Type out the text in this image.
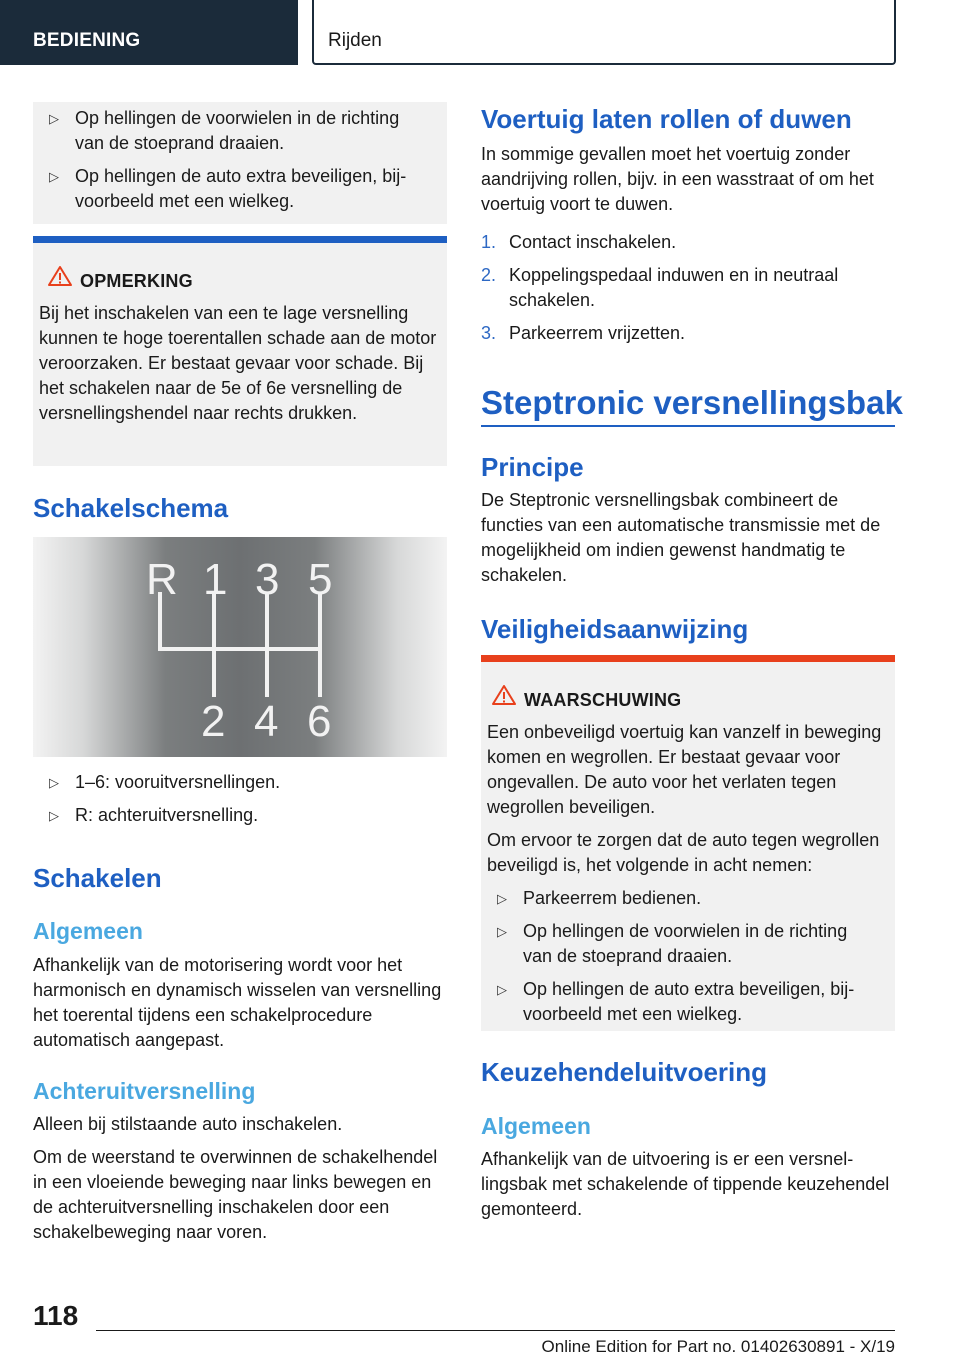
BEDIENING	Rijden
▷ Op hellingen de voorwielen in de richting van de stoeprand draaien.
▷ Op hellingen de auto extra beveiligen, bijvoorbeeld met een wielkeg.
OPMERKING
Bij het inschakelen van een te lage versnelling kunnen te hoge toerentallen schade aan de motor veroorzaken. Er bestaat gevaar voor schade. Bij het schakelen naar de 5e of 6e versnelling de versnellingshendel naar rechts drukken.
Schakelschema
R 1 3 5
2 4 6
▷ 1–6: vooruitversnellingen.
▷ R: achteruitversnelling.
Schakelen
Algemeen
Afhankelijk van de motorisering wordt voor het harmonisch en dynamisch wisselen van versnelling het toerental tijdens een schakelprocedure automatisch aangepast.
Achteruitversnelling
Alleen bij stilstaande auto inschakelen.
Om de weerstand te overwinnen de schakelhendel in een vloeiende beweging naar links bewegen en de achteruitversnelling inschakelen door een schakelbeweging naar voren.
Voertuig laten rollen of duwen
In sommige gevallen moet het voertuig zonder aandrijving rollen, bijv. in een wasstraat of om het voertuig voort te duwen.
1. Contact inschakelen.
2. Koppelingspedaal induwen en in neutraal schakelen.
3. Parkeerrem vrijzetten.
Steptronic versnellingsbak
Principe
De Steptronic versnellingsbak combineert de functies van een automatische transmissie met de mogelijkheid om indien gewenst handmatig te schakelen.
Veiligheidsaanwijzing
WAARSCHUWING
Een onbeveiligd voertuig kan vanzelf in beweging komen en wegrollen. Er bestaat gevaar voor ongevallen. De auto voor het verlaten tegen wegrollen beveiligen.
Om ervoor te zorgen dat de auto tegen wegrollen beveiligd is, het volgende in acht nemen:
▷ Parkeerrem bedienen.
▷ Op hellingen de voorwielen in de richting van de stoeprand draaien.
▷ Op hellingen de auto extra beveiligen, bijvoorbeeld met een wielkeg.
Keuzehendeluitvoering
Algemeen
Afhankelijk van de uitvoering is er een versnellingsbak met schakelende of tippende keuzehendel gemonteerd.
118
Online Edition for Part no. 01402630891 - X/19
